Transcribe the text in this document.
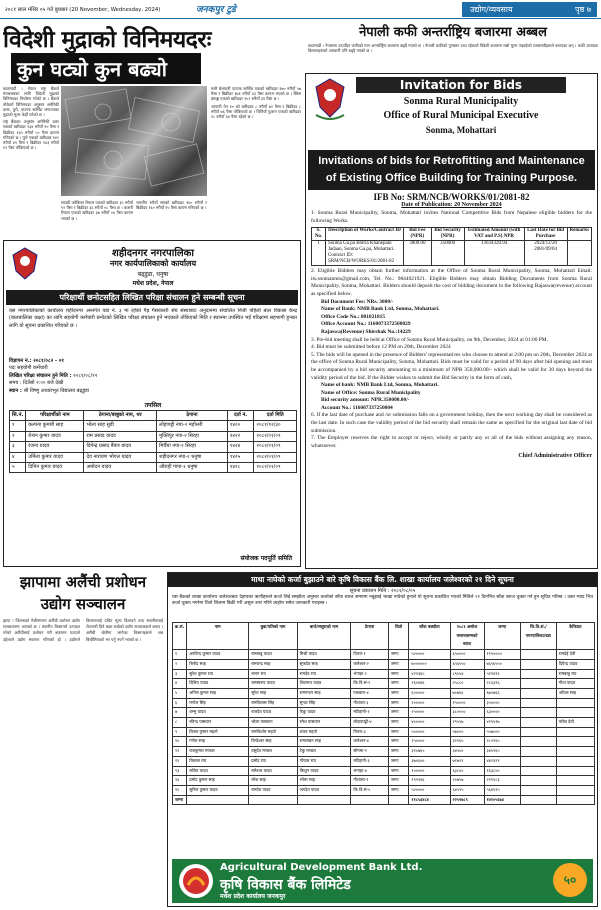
२०८१ साल मंसिर ०५ गते बुधबार (20 November, Wednesday, 2024)	जनकपुर टुडे	उद्योग/व्यवसाय	पृष्ठ ७
विदेशी मुद्राको विनिमयदरः
कुन घट्यो कुन बढ्यो

काठमाडौं । नेपाल राष्ट्र बैंकले मंगलबारका लागि विदेशी मुद्राको विनिमयदर निर्धारण गरेको छ । बैंकले तोकेको विनिमयदर अनुसार अमेरिकी डलर, युरो, पाउण्ड स्टर्लिङ लगायतका मुद्राको मूल्य केही घटेको छ ।

राष्ट्र बैंकका अनुसार अमेरिकी डलर एकको खरिददर १३४ रुपैयाँ ९० पैसा र बिक्रीदर १३५ रुपैयाँ ५० पैसा कायम गरिएको छ । युरो एकको खरिददर १४२ रुपैयाँ ४९ पैसा र बिक्रीदर १४३ रुपैयाँ १२ पैसा तोकिएको छ ।

साउदी अरेबियन रियाल एकको खरिददर ३५ रुपैयाँ ९२ पैसा र बिक्रीदर ३६ रुपैयाँ ०८ पैसा छ । कतारी रियाल एकको खरिददर ३७ रुपैयाँ ०४ पैसा कायम भएको छ ।

भारतीय रुपैयाँ सयको खरिददर १६० रुपैयाँ र बिक्रीदर १६० रुपैयाँ १५ पैसा कायम गरिएको छ ।

यस्तै बेलायती पाउण्ड स्टर्लिङ एकको खरिददर १७० रुपैयाँ ५७ पैसा र बिक्रीदर १७१ रुपैयाँ ३३ पैसा कायम भएको छ । स्विस फ्र्याङ्क एकको खरिददर १५२ रुपैयाँ ३१ पैसा छ ।

जापानी येन १० को खरिददर ८ रुपैयाँ ७२ पैसा र बिक्रीदर ८ रुपैयाँ ७६ पैसा तोकिएको छ । चिनियाँ युआन एकको खरिददर १८ रुपैयाँ ६४ पैसा रहेको छ ।

नेपाली कफी अन्तर्राष्ट्रिय बजारमा अब्बल
काठमाडौं । नेपालमा उत्पादित कफीको माग अन्तर्राष्ट्रिय बजारमा बढ्दै गएको छ । नेपाली कफीको गुणस्तर उच्च रहेकाले विदेशी बजारमा राम्रो मूल्य पाइरहेको व्यवसायीहरूले बताएका छन् । कफी उत्पादक किसानहरूको आम्दानी पनि बढ्दै गएको छ ।
Invitation for Bids
Sonma Rural Municipality
Office of Rural Municipal Executive
Sonma, Mohattari
Invitations of bids for Retrofitting and Maintenance of Existing Office Building for Training Purpose.
IFB No: SRM/NCB/WORKS/01/2081-82
Date of Publication: 20 November 2024

1. Sonma Rural Municipality, Sonma, Mohattari invites National Competitive Bids from Nepalese eligible bidders for the following Works.

S. No.	Description of Works/Contract ID	Bid Fee (NPR)	Bid Security (NPR)	Estimated Amount (with VAT and P.S) NPR	Last Date for Bid Purchase	Remarks
1	Sonma Ga.pa Bhitra Khanepani Jadaan, Sonma Ga.pa, Mohattari. Contract ID: SRM/NCB/WORKS/01/2081-82	3000.00	350000	13634320.94	2024/12/20 2081/09/04	

2. Eligible Bidders may obtain further information at the Office of Sonma Rural Municipality, Sonma, Mohattari Email: its.sonmanmn@gmail.com, Tel. No.: 9844021921. Eligible Bidders may obtain Bidding Documents from Sonma Rural Municipality, Sonma, Mohattari. Bidders should deposit the cost of bidding document in the following Rajaswa(revenue) account as specified below.

Bid Document Fee: NRs. 3000/-

Name of Bank: NMB Bank Ltd, Sonma, Mohattari.

Office Code No.: 801021815

Office Account No.: 1160073372500029

Rajaswa(Revenue) Shirshak No.:14229

3. Pre-bid meeting shall be held at Office of Sonma Rural Municipality, on 9th, December, 2024 at 01:00 PM.

4. Bid must be submitted before 12 PM on 20th, December 2024

5. The bids will be opened in the presence of Bidders' representatives who choose to attend at 2:00 pm on 20th, December 2024 at the office of Sonma Rural Municipality, Sonma, Mohattari. Bids must be valid for a period of 90 days after bid opening and must be accompanied by a bid security amounting to a minimum of NPR 350,000.00/- which shall be valid for 30 days beyond the validity period of the bid. If the Bidder wishes to submit the Bid Security in the form of cash,

Name of bank: NMB Bank Ltd, Sonma, Mohattari.

Name of Office: Sonma Rural Municipality

Bid security amount: NPR.350000.00/-

Account No.: 116007337250004

6. If the last date of purchase and /or submission falls on a government holiday, then the next working day shall be considered as the last date. In such case the validity period of the bid security shall remain the same as specified for the original last date of bid submission.

7. The Employer reserves the right to accept or reject, wholly or partly any or all of the bids without assigning any reason, whatsoever.

Chief Administrative Officer

शहीदनगर नगरपालिका
नगर कार्यपालिकाको कार्यालय
बढ्डुडा, धनुषा
मधेश प्रदेश, नेपाल
परिक्षार्थी छनोटसहित लिखित परिक्षा संचालन हुने सम्बन्धी सूचना
यस नगरपालिकाको कार्यालय शहीदनगर अन्तर्गत वडा नं. ३ मा रहेको गैह्र गैसरकारी संघ संस्थाबाट अनुदानमा संचालित निजी पहिलो बाल विकास केन्द्र (बालबालिका कक्षा) का लागि सहयोगी कर्मचारी छनोटको लिखित परिक्षा संचालन हुने भएकाले तोकिएको मिति र स्थानमा उपस्थित भई परिक्षामा सहभागी हुनका लागि यो सूचना प्रकाशित गरिएको छ ।
विज्ञापन नं.: २०८१/०८२ - ०१
पदः सहयोगी कर्मचारी
लिखित परिक्षा संचालन हुने मिति : २०८१/०८/१२
समय : दिउँसो २:०० बजे देखी
स्थान : श्री विष्णु आधारभूत विद्यालय बढ्डुडा
तपसिल
सि.नं.	परिक्षार्थीको नाम	ठेगाना/बाबुको नाम, थर	ठेगाना	दर्ता नं.	दर्ता मिति
१	कल्पना कुमारी साह	भोला साह सुडी	लोहापट्टी नपा-२ महोत्तरी	१४००	२०८१/१२/३०
२	रोशन कुमार यादव	राम प्रसाद यादव	मुक्तिपुर नपा-२ सिरहा	१४२२	२०८२/०१/०९
३	रंजना यादव	दिपेन्द्र प्रसाद बैंवार यादव	मिर्चैया नपा-२ सिरहा	१४२४	२०८२/०१/०९
४	उर्मिला कुमार यादव	देव नारायण भोगल यादव	शहीदनगर नपा-२ धनुषा	१४२५	२०८२/०१/०९
५	दिपिन कुमार यादव	अमोदन यादव	औराही गापा-१ धनुषा	१४२८	२०८२/०१/०९
संयोजक पदपूर्ति समिति
झापामा अलैंची प्रशोधन
उद्योग सञ्चालन
झापा । जिल्लाको मेचीनगरमा अलैंची प्रशोधन उद्योग सञ्चालनमा आएको छ । स्थानीय किसानले उत्पादन गरेको अलैंचीलाई प्रशोधन गरी बजारमा पठाउने उद्देश्यले उद्योग स्थापना गरिएको हो । उद्योगले किसानलाई उचित मूल्य दिलाउने तथा स्थानीयलाई रोजगारी दिने लक्ष्य राखेको उद्योग सञ्चालकले बताए । अलैंची खेतीमा लागेका किसानहरूले अब बिचौलियाको भर पर्नु नपर्ने भएको छ ।
माथा नाघेको कर्जा बुझाउने बारे कृषि विकास बैंक लि. शाखा कार्यालय जलेश्वरको २१ दिने सूचना
सूचना प्रकाशन मिति : २०८१/०८/०५
यस बैंकको शाखा कार्यालय जलेश्वरबाट देहायका ऋणीहरूले कर्जा लिई सम्झौता अनुसार कर्जाको साँवा ब्याज समयमा नबुझाई भाखा नाघेको हुनाले यो सूचना प्रकाशित भएको मितिले २१ दिनभित्र साँवा ब्याज चुक्ता गर्न हुन सूचित गरिन्छ । उक्त म्याद भित्र कर्जा चुक्ता नगरेमा धितो लिलाम बिक्री गरी असुल उपर गरिने व्यहोरा समेत जानकारी गराइन्छ ।
क्र.सं.	नाम	बुबा/पतिको नाम	बाजे/ससुराको नाम	ठेगाना	धितो	साँवा बक्यौता	२०८१ असोज मसान्तसम्मको ब्याज	जम्मा	जि.वि.सं./नगरपालिका/वडा	कैफियत
१	अरविन्द कुमार यादव	रामबाबु यादव	मिश्री यादव	पिपरा-१	जग्गा	५०००००	६५००००	११५००००		रामदेई देवी
२	बिनोद साह	रामचन्द्र साह	सुकदेव साह	जलेश्वर-२	जग्गा	७००००००	६५६५५०	७६५६५५०		दिपेन्द्र यादव
३	सुरेश कुमार राय	ललन राय	रामदेव राय	भंगाहा-२	जग्गा	४२२३६५	८९०५४	५११४१९		रामबाबु राय
४	दिलिप यादव	रामस्वरुप यादव	शिवनाथ यादव	कि.वि.सं-९	जग्गा	२६०४४६	२५८८०	२८६३२६		गीता यादव
५	अनिल कुमार साह	सुरेश साह	रामनन्दन साह	एकडारा-४	जग्गा	६०००००	७०७६६	६७०७६६		आँचल साह
६	मनोज सिंह	रामविलास सिंह	सुन्दर सिंह	गौशाला-३	जग्गा	२०००००	१५००००	३५००००		
७	शम्भु यादव	राजदेव यादव	फेकु यादव	मटिहानी-१	जग्गा	२५००००	३८००००	६३००००		
८	रविन्द्र पासवान	भोला पासवान	रमेश पासवान	लोहारपट्टी-४	जग्गा	४०००००	२९५१७	४२९५१७		पवित्र देवी
९	विजय कुमार महतो	रामकिशोर महतो	शंकर महतो	पिपरा-३	जग्गा	५०००००	५७०००	५५७०००		
१०	गणेश साह	विन्देश्वर साह	रामलखन साह	जलेश्वर-४	जग्गा	२५००००	३२१६५	२८२१६५		
११	राजकुमार मण्डल	वसुदेव मण्डल	टेकु मण्डल	सोनमा-१	जग्गा	३१०७६५	३४५००	३४५२६५		
१२	विकास राय	प्रमोद राय	गोपाल राय	मटिहानी-३	जग्गा	३७०६००	७१७२९	४४२३२९		
१३	ललित यादव	रामेश्वर यादव	किशुन यादव	भंगाहा-४	जग्गा	१०००००	६३८००	१६३८००		
१४	प्रमोद कुमार साह	रमेश साह	भोला साह	गौशाला-१	जग्गा	१९९२४६	२०७५७	२१९९८३		
१५	सुनिल कुमार यादव	रामदेव यादव	जगदेव यादव	कि.वि.सं-५	जग्गा	५०००००	६४५२५	५६४५२५		
जम्मा						११८५३४८४	२२५२७८९	१४१०५६७३		
Agricultural Development Bank Ltd.
कृषि विकास बैंक लिमिटेड	५०
मधेश प्रदेश कार्यालय जनकपुर
